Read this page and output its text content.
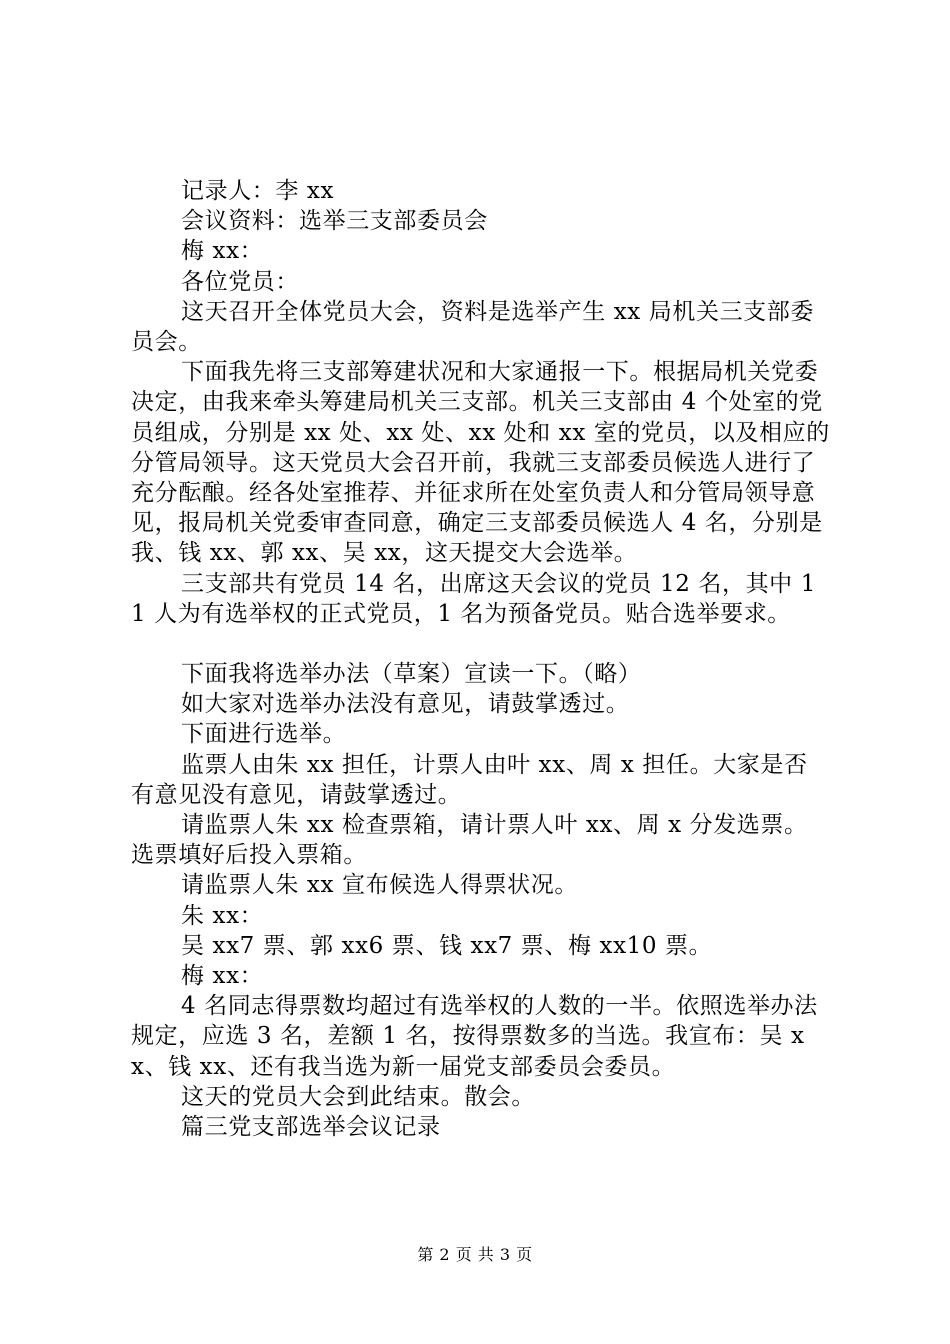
记录人：李 xx

会议资料：选举三支部委员会

梅 xx：

各位党员：

这天召开全体党员大会，资料是选举产生 xx 局机关三支部委员会。

下面我先将三支部筹建状况和大家通报一下。根据局机关党委决定，由我来牵头筹建局机关三支部。机关三支部由 4 个处室的党员组成，分别是 xx 处、xx 处、xx 处和 xx 室的党员，以及相应的分管局领导。这天党员大会召开前，我就三支部委员候选人进行了充分酝酿。经各处室推荐、并征求所在处室负责人和分管局领导意见，报局机关党委审查同意，确定三支部委员候选人 4 名，分别是我、钱 xx、郭 xx、吴 xx，这天提交大会选举。

三支部共有党员 14 名，出席这天会议的党员 12 名，其中 11 人为有选举权的正式党员，1 名为预备党员。贴合选举要求。

下面我将选举办法（草案）宣读一下。（略）

如大家对选举办法没有意见，请鼓掌透过。

下面进行选举。

监票人由朱 xx 担任，计票人由叶 xx、周 x 担任。大家是否有意见没有意见，请鼓掌透过。

请监票人朱 xx 检查票箱，请计票人叶 xx、周 x 分发选票。选票填好后投入票箱。

请监票人朱 xx 宣布候选人得票状况。

朱 xx：

吴 xx7 票、郭 xx6 票、钱 xx7 票、梅 xx10 票。

梅 xx：

4 名同志得票数均超过有选举权的人数的一半。依照选举办法规定，应选 3 名，差额 1 名，按得票数多的当选。我宣布：吴 xx、钱 xx、还有我当选为新一届党支部委员会委员。

这天的党员大会到此结束。散会。

篇三党支部选举会议记录

第 2 页 共 3 页
